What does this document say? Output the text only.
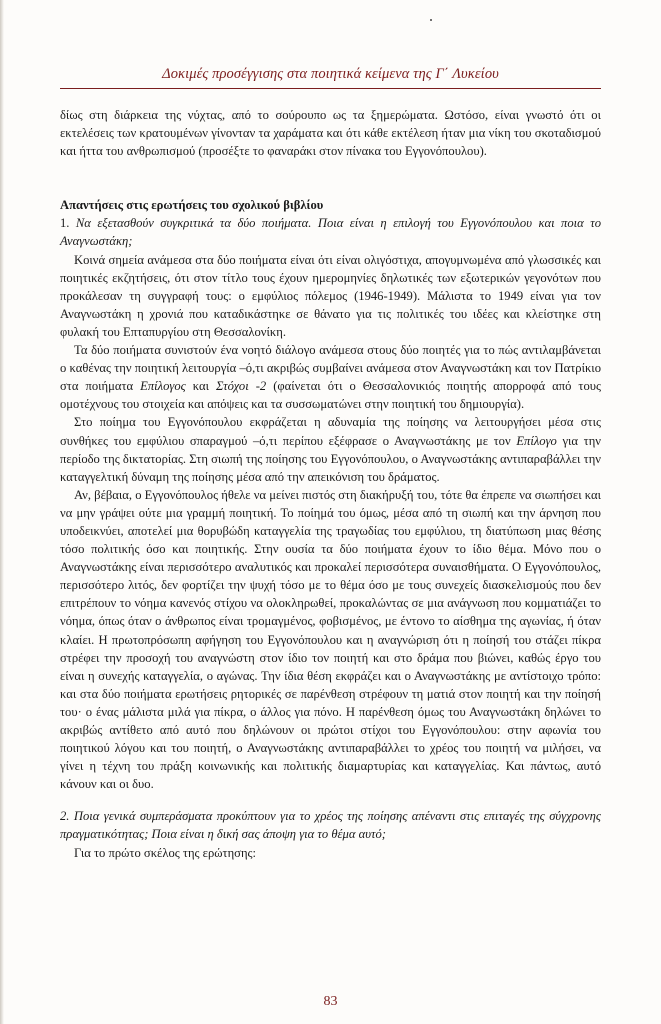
Δοκιμές προσέγγισης στα ποιητικά κείμενα της Γ΄ Λυκείου

δίως στη διάρκεια της νύχτας, από το σούρουπο ως τα ξημερώματα. Ωστόσο, είναι γνωστό ότι οι εκτελέσεις των κρατουμένων γίνονταν τα χαράματα και ότι κάθε εκτέλεση ήταν μια νίκη του σκοταδισμού και ήττα του ανθρωπισμού (προσέξτε το φαναράκι στον πίνακα του Εγγονόπουλου).

Απαντήσεις στις ερωτήσεις του σχολικού βιβλίου

1. Να εξετασθούν συγκριτικά τα δύο ποιήματα. Ποια είναι η επιλογή του Εγγονόπουλου και ποια το Αναγνωστάκη;

Κοινά σημεία ανάμεσα στα δύο ποιήματα είναι ότι είναι ολιγόστιχα, απογυμνωμένα από γλωσσικές και ποιητικές εκζητήσεις, ότι στον τίτλο τους έχουν ημερομηνίες δηλωτικές των εξωτερικών γεγονότων που προκάλεσαν τη συγγραφή τους: ο εμφύλιος πόλεμος (1946-1949). Μάλιστα το 1949 είναι για τον Αναγνωστάκη η χρονιά που καταδικάστηκε σε θάνατο για τις πολιτικές του ιδέες και κλείστηκε στη φυλακή του Επταπυργίου στη Θεσσαλονίκη.

Τα δύο ποιήματα συνιστούν ένα νοητό διάλογο ανάμεσα στους δύο ποιητές για το πώς αντιλαμβάνεται ο καθένας την ποιητική λειτουργία –ό,τι ακριβώς συμβαίνει ανάμεσα στον Αναγνωστάκη και τον Πατρίκιο στα ποιήματα Επίλογος και Στόχοι -2 (φαίνεται ότι ο Θεσσαλονικιός ποιητής απορροφά από τους ομοτέχνους του στοιχεία και απόψεις και τα συσσωματώνει στην ποιητική του δημιουργία).

Στο ποίημα του Εγγονόπουλου εκφράζεται η αδυναμία της ποίησης να λειτουργήσει μέσα στις συνθήκες του εμφύλιου σπαραγμού –ό,τι περίπου εξέφρασε ο Αναγνωστάκης με τον Επίλογο για την περίοδο της δικτατορίας. Στη σιωπή της ποίησης του Εγγονόπουλου, ο Αναγνωστάκης αντιπαραβάλλει την καταγγελτική δύναμη της ποίησης μέσα από την απεικόνιση του δράματος.

Αν, βέβαια, ο Εγγονόπουλος ήθελε να μείνει πιστός στη διακήρυξή του, τότε θα έπρεπε να σιωπήσει και να μην γράψει ούτε μια γραμμή ποιητική. Το ποίημά του όμως, μέσα από τη σιωπή και την άρνηση που υποδεικνύει, αποτελεί μια θορυβώδη καταγγελία της τραγωδίας του εμφύλιου, τη διατύπωση μιας θέσης τόσο πολιτικής όσο και ποιητικής. Στην ουσία τα δύο ποιήματα έχουν το ίδιο θέμα. Μόνο που ο Αναγνωστάκης είναι περισσότερο αναλυτικός και προκαλεί περισσότερα συναισθήματα. Ο Εγγονόπουλος, περισσότερο λιτός, δεν φορτίζει την ψυχή τόσο με το θέμα όσο με τους συνεχείς διασκελισμούς που δεν επιτρέπουν το νόημα κανενός στίχου να ολοκληρωθεί, προκαλώντας σε μια ανάγνωση που κομματιάζει το νόημα, όπως όταν ο άνθρωπος είναι τρομαγμένος, φοβισμένος, με έντονο το αίσθημα της αγωνίας, ή όταν κλαίει. Η πρωτοπρόσωπη αφήγηση του Εγγονόπουλου και η αναγνώριση ότι η ποίησή του στάζει πίκρα στρέφει την προσοχή του αναγνώστη στον ίδιο τον ποιητή και στο δράμα που βιώνει, καθώς έργο του είναι η συνεχής καταγγελία, ο αγώνας. Την ίδια θέση εκφράζει και ο Αναγνωστάκης με αντίστοιχο τρόπο: και στα δύο ποιήματα ερωτήσεις ρητορικές σε παρένθεση στρέφουν τη ματιά στον ποιητή και την ποίησή του· ο ένας μάλιστα μιλά για πίκρα, ο άλλος για πόνο. Η παρένθεση όμως του Αναγνωστάκη δηλώνει το ακριβώς αντίθετο από αυτό που δηλώνουν οι πρώτοι στίχοι του Εγγονόπουλου: στην αφωνία του ποιητικού λόγου και του ποιητή, ο Αναγνωστάκης αντιπαραβάλλει το χρέος του ποιητή να μιλήσει, να γίνει η τέχνη του πράξη κοινωνικής και πολιτικής διαμαρτυρίας και καταγγελίας. Και πάντως, αυτό κάνουν και οι δυο.

2. Ποια γενικά συμπεράσματα προκύπτουν για το χρέος της ποίησης απέναντι στις επιταγές της σύγχρονης πραγματικότητας; Ποια είναι η δική σας άποψη για το θέμα αυτό;

Για το πρώτο σκέλος της ερώτησης:

83
